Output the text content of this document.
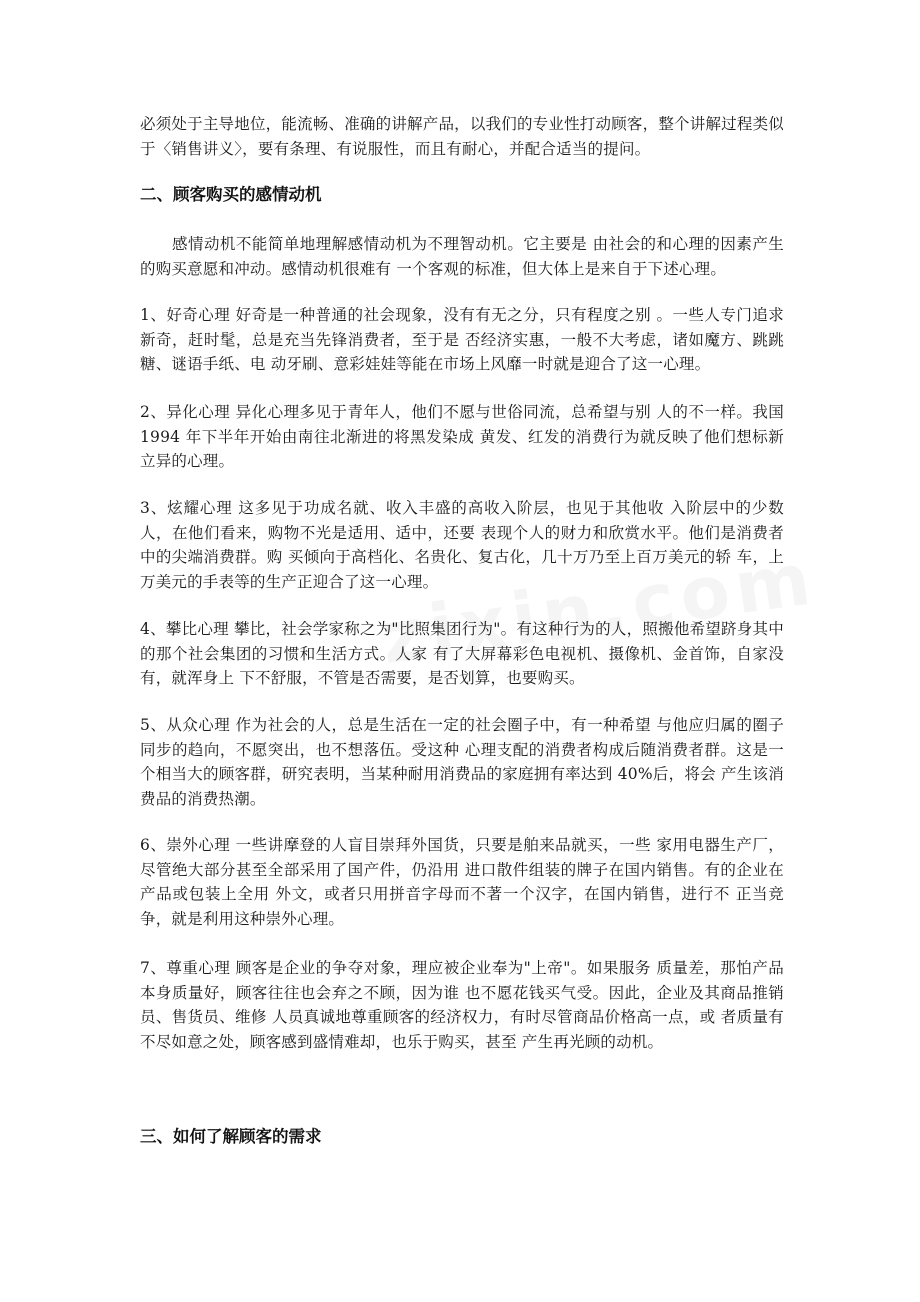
必须处于主导地位，能流畅、准确的讲解产品，以我们的专业性打动顾客，整个讲解过程类似于〈销售讲义〉，要有条理、有说服性，而且有耐心，并配合适当的提问。

二、顾客购买的感情动机

感情动机不能简单地理解感情动机为不理智动机。它主要是 由社会的和心理的因素产生的购买意愿和冲动。感情动机很难有 一个客观的标准，但大体上是来自于下述心理。

1、好奇心理 好奇是一种普通的社会现象，没有有无之分，只有程度之别 。一些人专门追求新奇，赶时髦，总是充当先锋消费者，至于是 否经济实惠，一般不大考虑，诸如魔方、跳跳糖、谜语手纸、电 动牙刷、意彩娃娃等能在市场上风靡一时就是迎合了这一心理。

2、异化心理 异化心理多见于青年人，他们不愿与世俗同流，总希望与别 人的不一样。我国 1994 年下半年开始由南往北渐进的将黑发染成 黄发、红发的消费行为就反映了他们想标新立异的心理。

3、炫耀心理 这多见于功成名就、收入丰盛的高收入阶层，也见于其他收 入阶层中的少数人，在他们看来，购物不光是适用、适中，还要 表现个人的财力和欣赏水平。他们是消费者中的尖端消费群。购 买倾向于高档化、名贵化、复古化，几十万乃至上百万美元的轿 车，上万美元的手表等的生产正迎合了这一心理。

4、攀比心理 攀比，社会学家称之为"比照集团行为"。有这种行为的人，照搬他希望跻身其中的那个社会集团的习惯和生活方式。人家 有了大屏幕彩色电视机、摄像机、金首饰，自家没有，就浑身上 下不舒服，不管是否需要，是否划算，也要购买。

5、从众心理 作为社会的人，总是生活在一定的社会圈子中，有一种希望 与他应归属的圈子同步的趋向，不愿突出，也不想落伍。受这种 心理支配的消费者构成后随消费者群。这是一个相当大的顾客群，研究表明，当某种耐用消费品的家庭拥有率达到 40%后，将会 产生该消费品的消费热潮。

6、崇外心理 一些讲摩登的人盲目崇拜外国货，只要是舶来品就买，一些 家用电器生产厂，尽管绝大部分甚至全部采用了国产件，仍沿用 进口散件组装的牌子在国内销售。有的企业在产品或包装上全用 外文，或者只用拼音字母而不著一个汉字，在国内销售，进行不 正当竞争，就是利用这种崇外心理。

7、尊重心理 顾客是企业的争夺对象，理应被企业奉为"上帝"。如果服务 质量差，那怕产品本身质量好，顾客往往也会弃之不顾，因为谁 也不愿花钱买气受。因此，企业及其商品推销员、售货员、维修 人员真诚地尊重顾客的经济权力，有时尽管商品价格高一点，或 者质量有不尽如意之处，顾客感到盛情难却，也乐于购买，甚至 产生再光顾的动机。

三、如何了解顾客的需求
